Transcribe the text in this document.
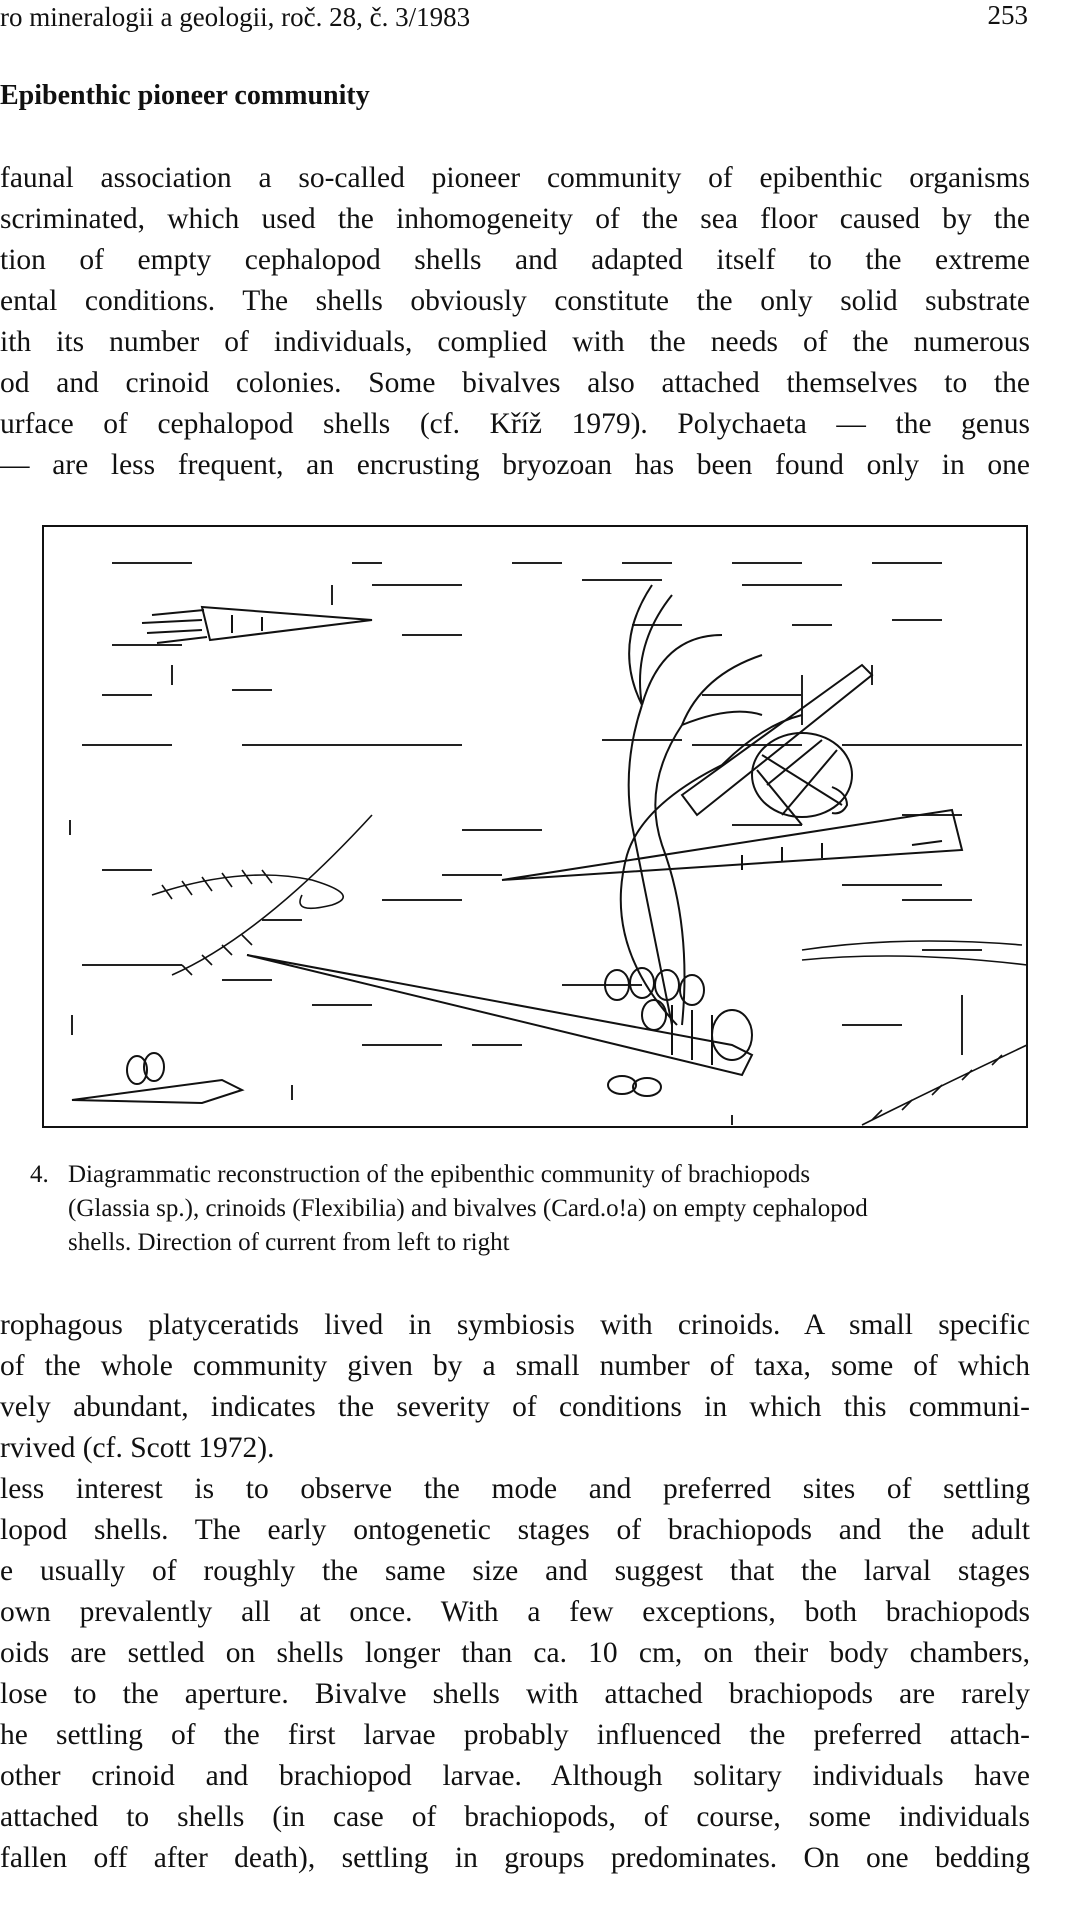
ro mineralogii a geologii, roč. 28, č. 3/1983	253
Epibenthic pioneer community
faunal association a so-called pioneer community of epibenthic organisms
scriminated, which used the inhomogeneity of the sea floor caused by the
tion of empty cephalopod shells and adapted itself to the extreme
ental conditions. The shells obviously constitute the only solid substrate
ith its number of individuals, complied with the needs of the numerous
od and crinoid colonies. Some bivalves also attached themselves to the
urface of cephalopod shells (cf. Kříž 1979). Polychaeta — the genus
— are less frequent, an encrusting bryozoan has been found only in one
4. Diagrammatic reconstruction of the epibenthic community of brachiopods
(Glassia sp.), crinoids (Flexibilia) and bivalves (Card.o!a) on empty cephalopod
shells. Direction of current from left to right
rophagous platyceratids lived in symbiosis with crinoids. A small specific
of the whole community given by a small number of taxa, some of which
vely abundant, indicates the severity of conditions in which this communi-
rvived (cf. Scott 1972).
less interest is to observe the mode and preferred sites of settling
lopod shells. The early ontogenetic stages of brachiopods and the adult
e usually of roughly the same size and suggest that the larval stages
own prevalently all at once. With a few exceptions, both brachiopods
oids are settled on shells longer than ca. 10 cm, on their body chambers,
lose to the aperture. Bivalve shells with attached brachiopods are rarely
he settling of the first larvae probably influenced the preferred attach-
other crinoid and brachiopod larvae. Although solitary individuals have
attached to shells (in case of brachiopods, of course, some individuals
fallen off after death), settling in groups predominates. On one bedding
